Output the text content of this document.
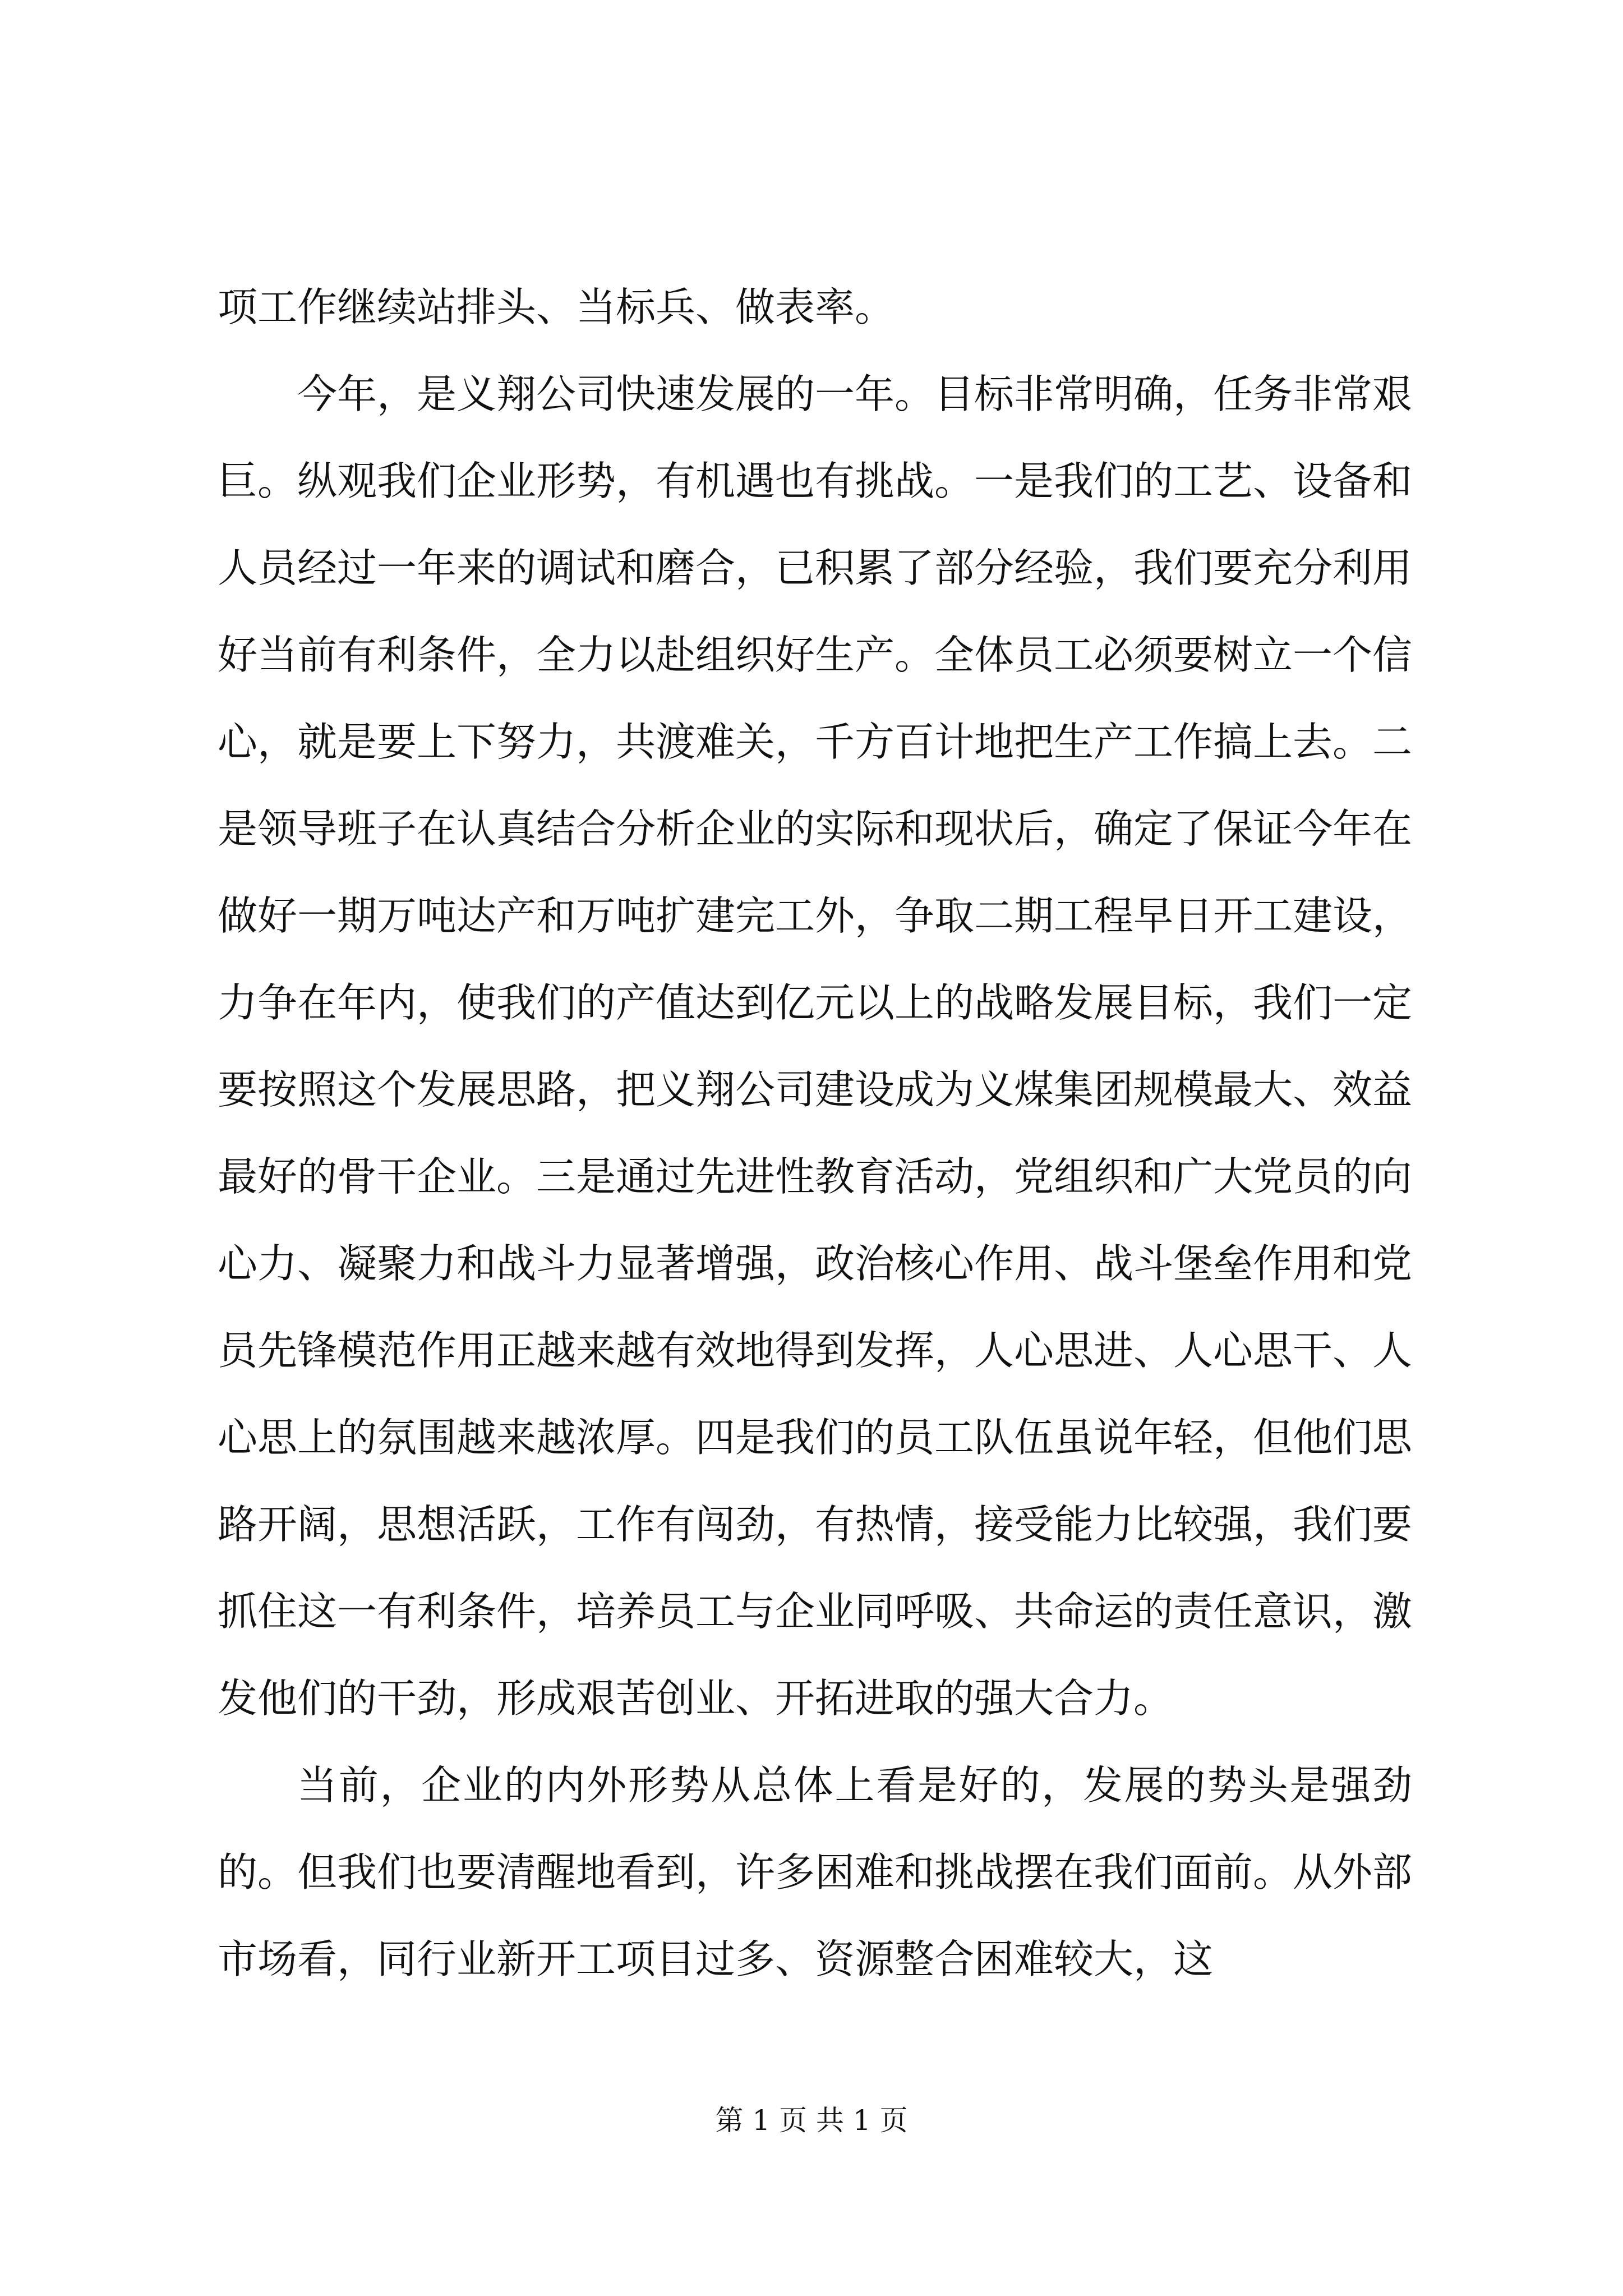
项工作继续站排头、当标兵、做表率。

今年，是义翔公司快速发展的一年。目标非常明确，任务非常艰巨。纵观我们企业形势，有机遇也有挑战。一是我们的工艺、设备和人员经过一年来的调试和磨合，已积累了部分经验，我们要充分利用好当前有利条件，全力以赴组织好生产。全体员工必须要树立一个信心，就是要上下努力，共渡难关，千方百计地把生产工作搞上去。二是领导班子在认真结合分析企业的实际和现状后，确定了保证今年在做好一期万吨达产和万吨扩建完工外，争取二期工程早日开工建设，力争在年内，使我们的产值达到亿元以上的战略发展目标，我们一定要按照这个发展思路，把义翔公司建设成为义煤集团规模最大、效益最好的骨干企业。三是通过先进性教育活动，党组织和广大党员的向心力、凝聚力和战斗力显著增强，政治核心作用、战斗堡垒作用和党员先锋模范作用正越来越有效地得到发挥，人心思进、人心思干、人心思上的氛围越来越浓厚。四是我们的员工队伍虽说年轻，但他们思路开阔，思想活跃，工作有闯劲，有热情，接受能力比较强，我们要抓住这一有利条件，培养员工与企业同呼吸、共命运的责任意识，激发他们的干劲，形成艰苦创业、开拓进取的强大合力。

当前，企业的内外形势从总体上看是好的，发展的势头是强劲的。但我们也要清醒地看到，许多困难和挑战摆在我们面前。从外部市场看，同行业新开工项目过多、资源整合困难较大，这

第 1 页 共 1 页
